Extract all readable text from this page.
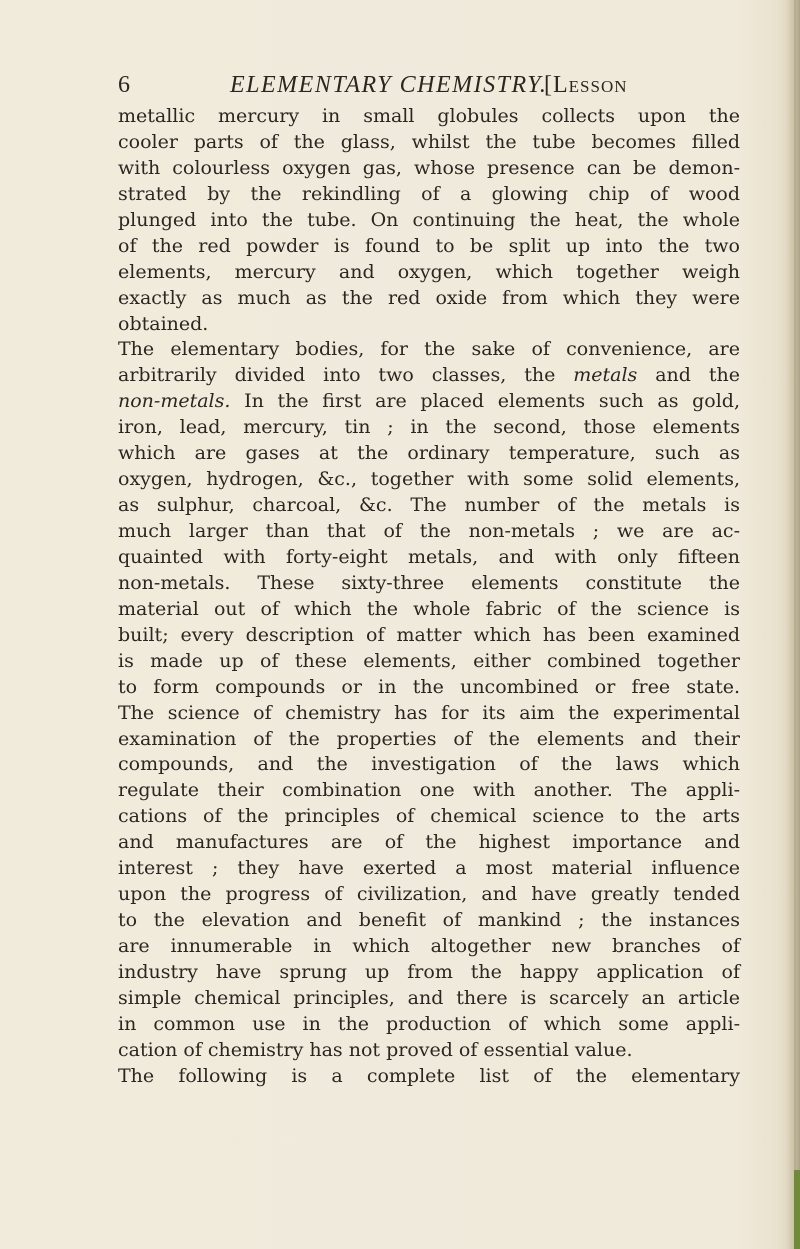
6	ELEMENTARY CHEMISTRY.
[Lesson
metallic mercury in small globules collects upon the
cooler parts of the glass, whilst the tube becomes filled
with colourless oxygen gas, whose presence can be demon-
strated by the rekindling of a glowing chip of wood
plunged into the tube. On continuing the heat, the whole
of the red powder is found to be split up into the two
elements, mercury and oxygen, which together weigh
exactly as much as the red oxide from which they were
obtained.
The elementary bodies, for the sake of convenience, are
arbitrarily divided into two classes, the metals and the
non-metals. In the first are placed elements such as gold,
iron, lead, mercury, tin ; in the second, those elements
which are gases at the ordinary temperature, such as
oxygen, hydrogen, &c., together with some solid elements,
as sulphur, charcoal, &c. The number of the metals is
much larger than that of the non-metals ; we are ac-
quainted with forty-eight metals, and with only fifteen
non-metals. These sixty-three elements constitute the
material out of which the whole fabric of the science is
built; every description of matter which has been examined
is made up of these elements, either combined together
to form compounds or in the uncombined or free state.
The science of chemistry has for its aim the experimental
examination of the properties of the elements and their
compounds, and the investigation of the laws which
regulate their combination one with another. The appli-
cations of the principles of chemical science to the arts
and manufactures are of the highest importance and
interest ; they have exerted a most material influence
upon the progress of civilization, and have greatly tended
to the elevation and benefit of mankind ; the instances
are innumerable in which altogether new branches of
industry have sprung up from the happy application of
simple chemical principles, and there is scarcely an article
in common use in the production of which some appli-
cation of chemistry has not proved of essential value.
The following is a complete list of the elementary
